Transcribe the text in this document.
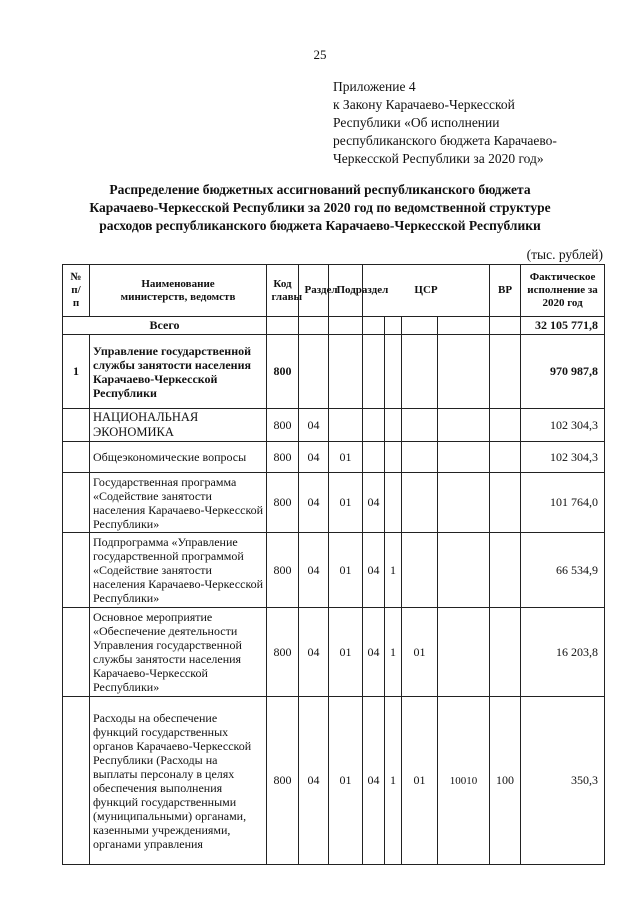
25
Приложение 4
к Закону Карачаево-Черкесской
Республики «Об исполнении
республиканского бюджета Карачаево-
Черкесской Республики за 2020 год»
Распределение бюджетных ассигнований республиканского бюджета
Карачаево-Черкесской Республики за 2020 год по ведомственной структуре
расходов республиканского бюджета Карачаево-Черкесской Республики
(тыс. рублей)
№ п/п	Наименование министерств, ведомств	Код главы	Раздел	Подраздел	ЦСР				ВР	Фактическое исполнение за 2020 год

Всего										32 105 771,8
1	Управление государственной службы занятости населения Карачаево-Черкесской Республики	800								970 987,8
	НАЦИОНАЛЬНАЯ ЭКОНОМИКА	800	04							102 304,3
	Общеэкономические вопросы	800	04	01						102 304,3
	Государственная программа «Содействие занятости населения Карачаево-Черкесской Республики»	800	04	01	04					101 764,0
	Подпрограмма «Управление государственной программой «Содействие занятости населения Карачаево-Черкесской Республики»	800	04	01	04	1				66 534,9
	Основное мероприятие «Обеспечение деятельности Управления государственной службы занятости населения Карачаево-Черкесской Республики»	800	04	01	04	1	01			16 203,8
	Расходы на обеспечение функций государственных органов Карачаево-Черкесской Республики (Расходы на выплаты персоналу в целях обеспечения выполнения функций государственными (муниципальными) органами, казенными учреждениями, органами управления	800	04	01	04	1	01	10010	100	350,3
